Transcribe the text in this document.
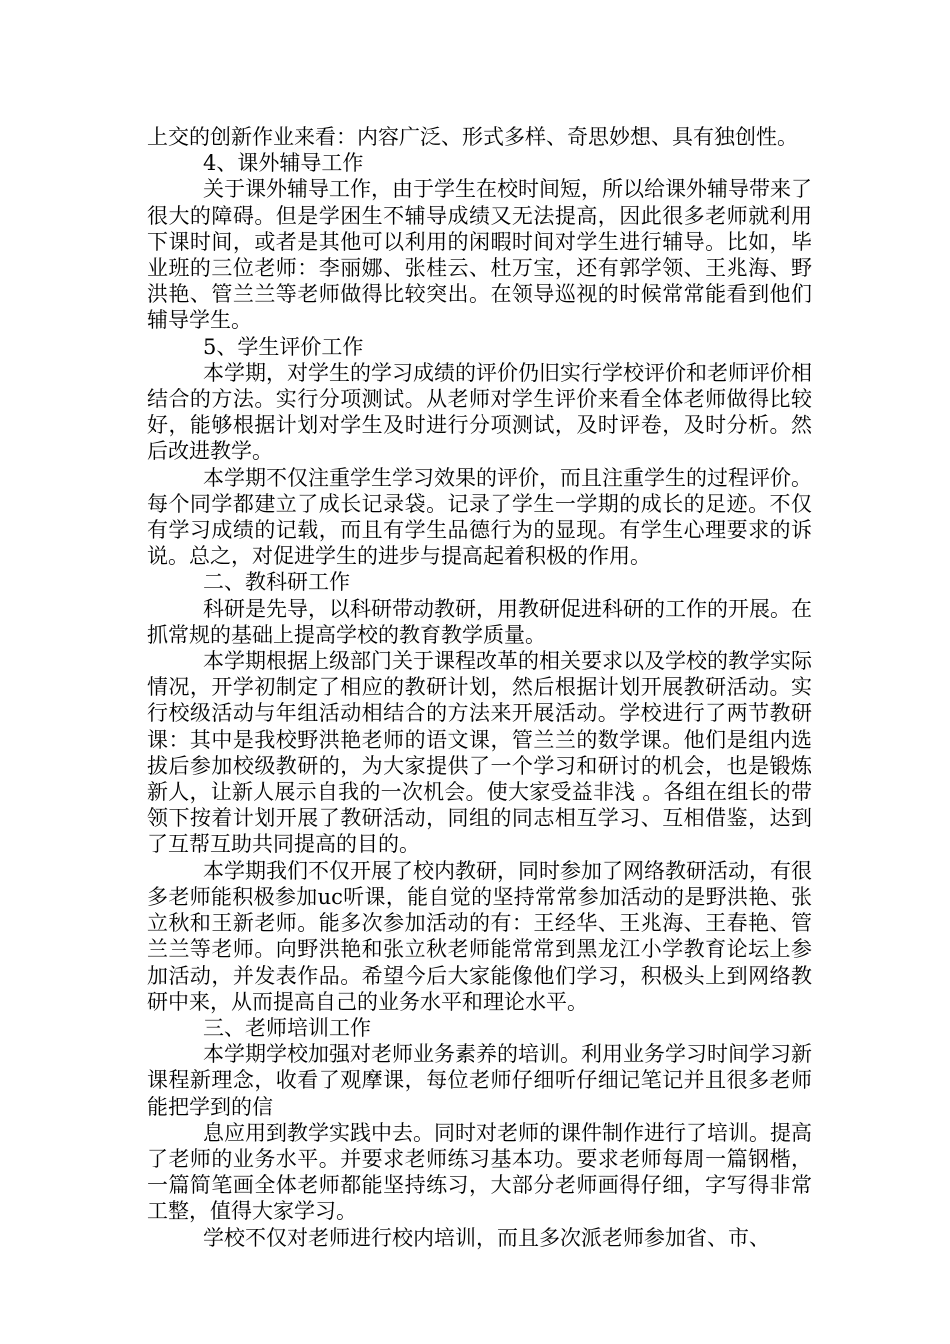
上交的创新作业来看：内容广泛、形式多样、奇思妙想、具有独创性。

4、课外辅导工作

关于课外辅导工作，由于学生在校时间短，所以给课外辅导带来了很大的障碍。但是学困生不辅导成绩又无法提高，因此很多老师就利用下课时间，或者是其他可以利用的闲暇时间对学生进行辅导。比如，毕业班的三位老师：李丽娜、张桂云、杜万宝，还有郭学领、王兆海、野洪艳、管兰兰等老师做得比较突出。在领导巡视的时候常常能看到他们辅导学生。

5、学生评价工作

本学期，对学生的学习成绩的评价仍旧实行学校评价和老师评价相结合的方法。实行分项测试。从老师对学生评价来看全体老师做得比较好，能够根据计划对学生及时进行分项测试，及时评卷，及时分析。然后改进教学。

本学期不仅注重学生学习效果的评价，而且注重学生的过程评价。每个同学都建立了成长记录袋。记录了学生一学期的成长的足迹。不仅有学习成绩的记载，而且有学生品德行为的显现。有学生心理要求的诉说。总之，对促进学生的进步与提高起着积极的作用。

二、教科研工作

科研是先导，以科研带动教研，用教研促进科研的工作的开展。在抓常规的基础上提高学校的教育教学质量。

本学期根据上级部门关于课程改革的相关要求以及学校的教学实际情况，开学初制定了相应的教研计划，然后根据计划开展教研活动。实行校级活动与年组活动相结合的方法来开展活动。学校进行了两节教研课：其中是我校野洪艳老师的语文课，管兰兰的数学课。他们是组内选拔后参加校级教研的，为大家提供了一个学习和研讨的机会，也是锻炼新人，让新人展示自我的一次机会。使大家受益非浅 。各组在组长的带领下按着计划开展了教研活动，同组的同志相互学习、互相借鉴，达到了互帮互助共同提高的目的。

本学期我们不仅开展了校内教研，同时参加了网络教研活动，有很多老师能积极参加uc听课，能自觉的坚持常常参加活动的是野洪艳、张立秋和王新老师。能多次参加活动的有：王经华、王兆海、王春艳、管兰兰等老师。向野洪艳和张立秋老师能常常到黑龙江小学教育论坛上参加活动，并发表作品。希望今后大家能像他们学习，积极头上到网络教研中来，从而提高自己的业务水平和理论水平。

三、老师培训工作

本学期学校加强对老师业务素养的培训。利用业务学习时间学习新课程新理念，收看了观摩课，每位老师仔细听仔细记笔记并且很多老师能把学到的信

息应用到教学实践中去。同时对老师的课件制作进行了培训。提高了老师的业务水平。并要求老师练习基本功。要求老师每周一篇钢楷，一篇简笔画全体老师都能坚持练习，大部分老师画得仔细，字写得非常工整，值得大家学习。

学校不仅对老师进行校内培训，而且多次派老师参加省、市、
